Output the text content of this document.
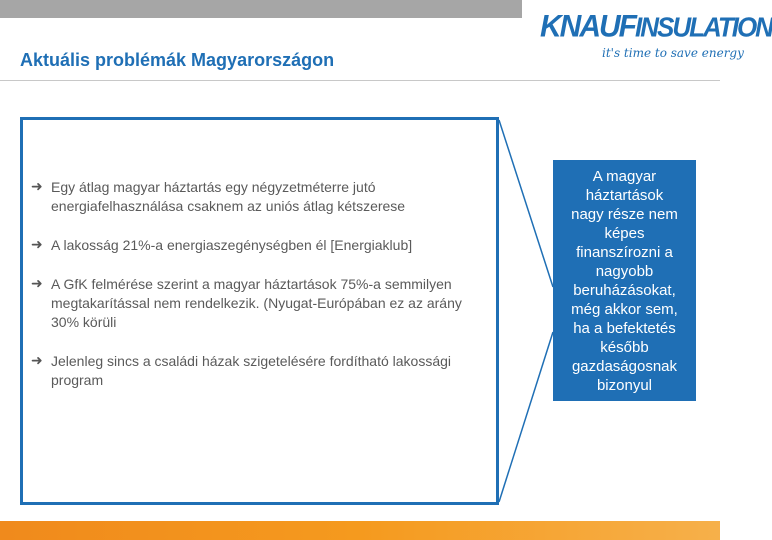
Aktuális problémák Magyarországon
KNAUFINSULATION
it's time to save energy
➜ Egy átlag magyar háztartás egy négyzetméterre jutó energiafelhasználása csaknem az uniós átlag kétszerese
➜ A lakosság 21%-a energiaszegénységben él [Energiaklub]
➜ A GfK felmérése szerint a magyar háztartások 75%-a semmilyen megtakarítással nem rendelkezik. (Nyugat-Európában ez az arány 30% körüli
➜ Jelenleg sincs a családi házak szigetelésére fordítható lakossági program
A magyar
háztartások
nagy része nem
képes
finanszírozni a
nagyobb
beruházásokat,
még akkor sem,
ha a befektetés
később
gazdaságosnak
bizonyul
